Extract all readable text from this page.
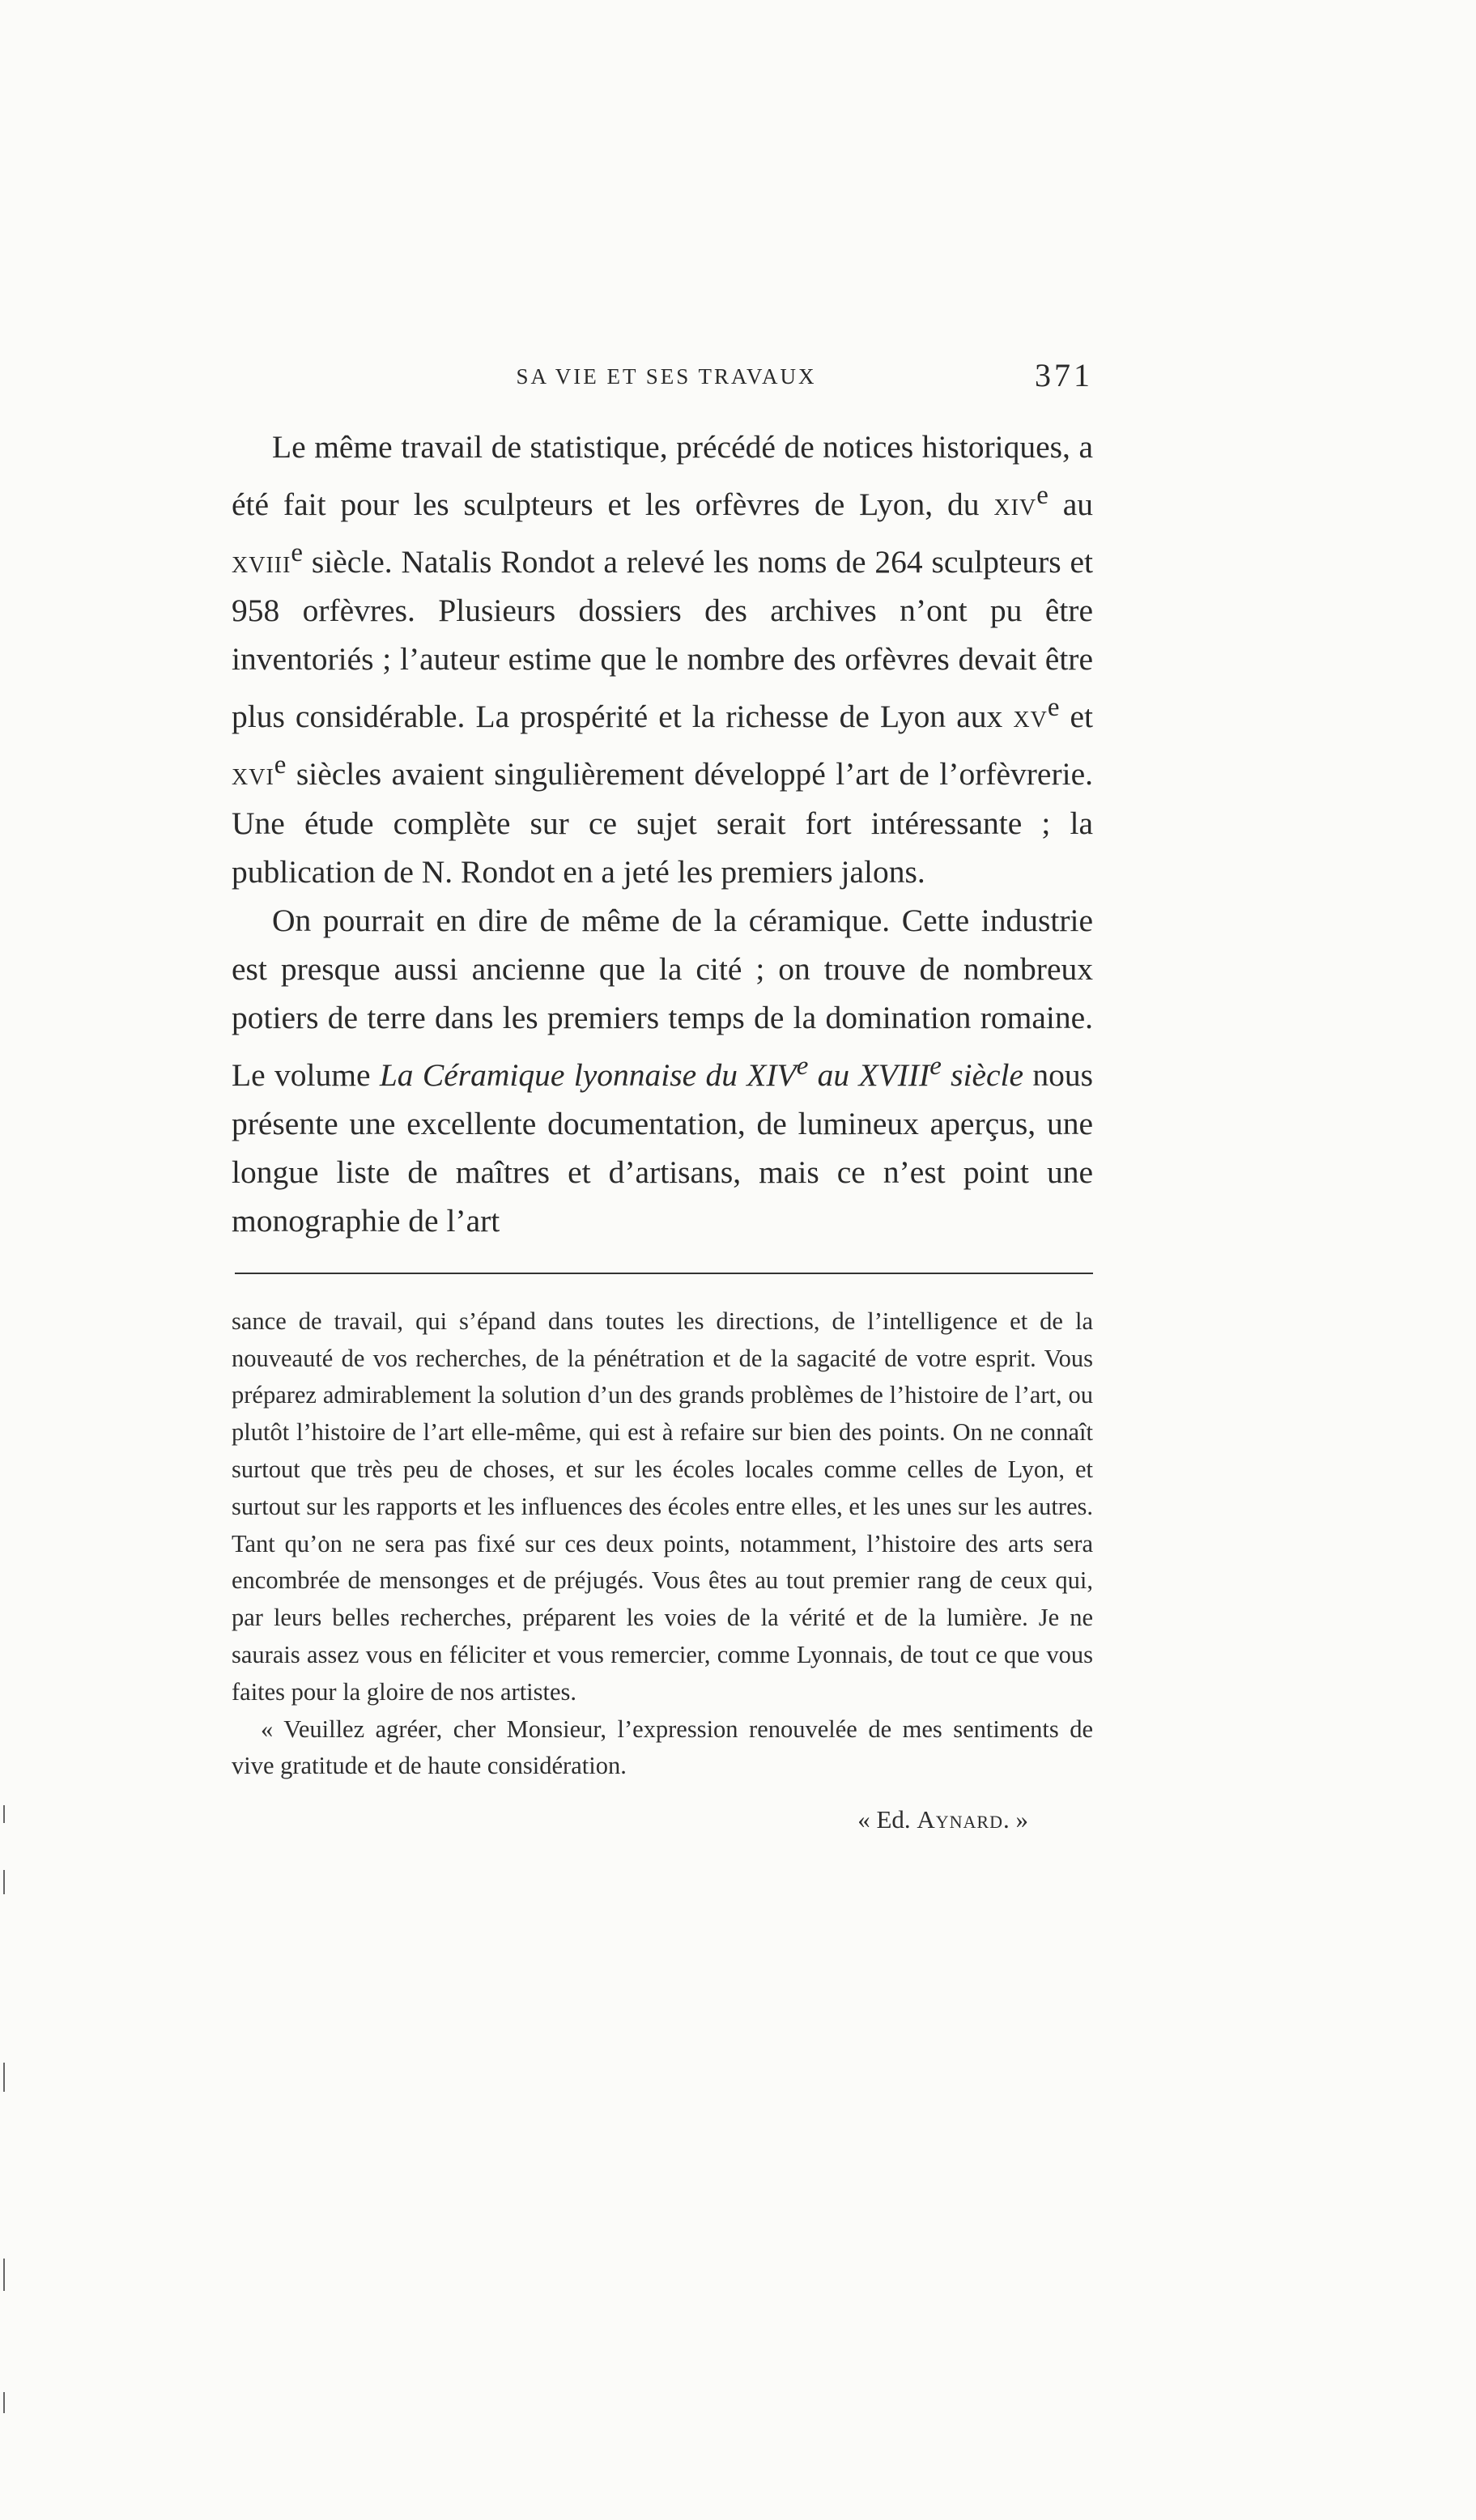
SA VIE ET SES TRAVAUX	371

Le même travail de statistique, précédé de notices historiques, a été fait pour les sculpteurs et les orfèvres de Lyon, du xiv$^e$ au xviii$^e$ siècle. Natalis Rondot a relevé les noms de 264 sculpteurs et 958 orfèvres. Plusieurs dossiers des archives n’ont pu être inventoriés ; l’auteur estime que le nombre des orfèvres devait être plus considérable. La prospérité et la richesse de Lyon aux $xv^e$ et xvi$^e$ siècles avaient singulièrement développé l’art de l’orfèvrerie. Une étude complète sur ce sujet serait fort intéressante ; la publication de N. Rondot en a jeté les premiers jalons.

On pourrait en dire de même de la céramique. Cette industrie est presque aussi ancienne que la cité ; on trouve de nombreux potiers de terre dans les premiers temps de la domination romaine. Le volume La Céramique lyonnaise du XIVe au XVIIIe siècle nous présente une excellente documentation, de lumineux aperçus, une longue liste de maîtres et d’artisans, mais ce n’est point une monographie de l’art

sance de travail, qui s’épand dans toutes les directions, de l’intelligence et de la nouveauté de vos recherches, de la pénétration et de la sagacité de votre esprit. Vous préparez admirablement la solution d’un des grands problèmes de l’histoire de l’art, ou plutôt l’histoire de l’art elle-même, qui est à refaire sur bien des points. On ne connaît surtout que très peu de choses, et sur les écoles locales comme celles de Lyon, et surtout sur les rapports et les influences des écoles entre elles, et les unes sur les autres. Tant qu’on ne sera pas fixé sur ces deux points, notamment, l’histoire des arts sera encombrée de mensonges et de préjugés. Vous êtes au tout premier rang de ceux qui, par leurs belles recherches, préparent les voies de la vérité et de la lumière. Je ne saurais assez vous en féliciter et vous remercier, comme Lyonnais, de tout ce que vous faites pour la gloire de nos artistes.

« Veuillez agréer, cher Monsieur, l’expression renouvelée de mes sentiments de vive gratitude et de haute considération.

« Ed. Aynard. »
